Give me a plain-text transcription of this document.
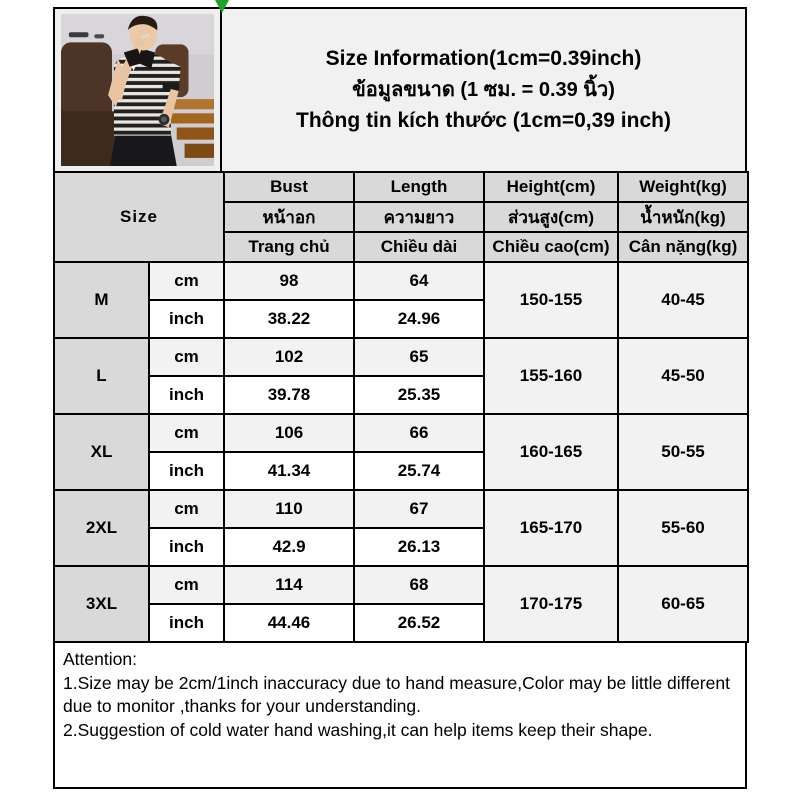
Size Information(1cm=0.39inch)
ข้อมูลขนาด (1 ซม. = 0.39 นิ้ว)
Thông tin kích thước (1cm=0,39 inch)
Size		Bust	Length	Height(cm)	Weight(kg)
		หน้าอก	ความยาว	ส่วนสูง(cm)	น้ำหนัก(kg)
		Trang chủ	Chiều dài	Chiều cao(cm)	Cân nặng(kg)
M	cm	98	64	150-155	40-45
	inch	38.22	24.96		
L	cm	102	65	155-160	45-50
	inch	39.78	25.35		
XL	cm	106	66	160-165	50-55
	inch	41.34	25.74		
2XL	cm	110	67	165-170	55-60
	inch	42.9	26.13		
3XL	cm	114	68	170-175	60-65
	inch	44.46	26.52		
Attention:
1.Size may be 2cm/1inch inaccuracy due to hand measure,Color may be little different due to monitor ,thanks for your understanding.
2.Suggestion of cold water hand washing,it can help items keep their shape.
